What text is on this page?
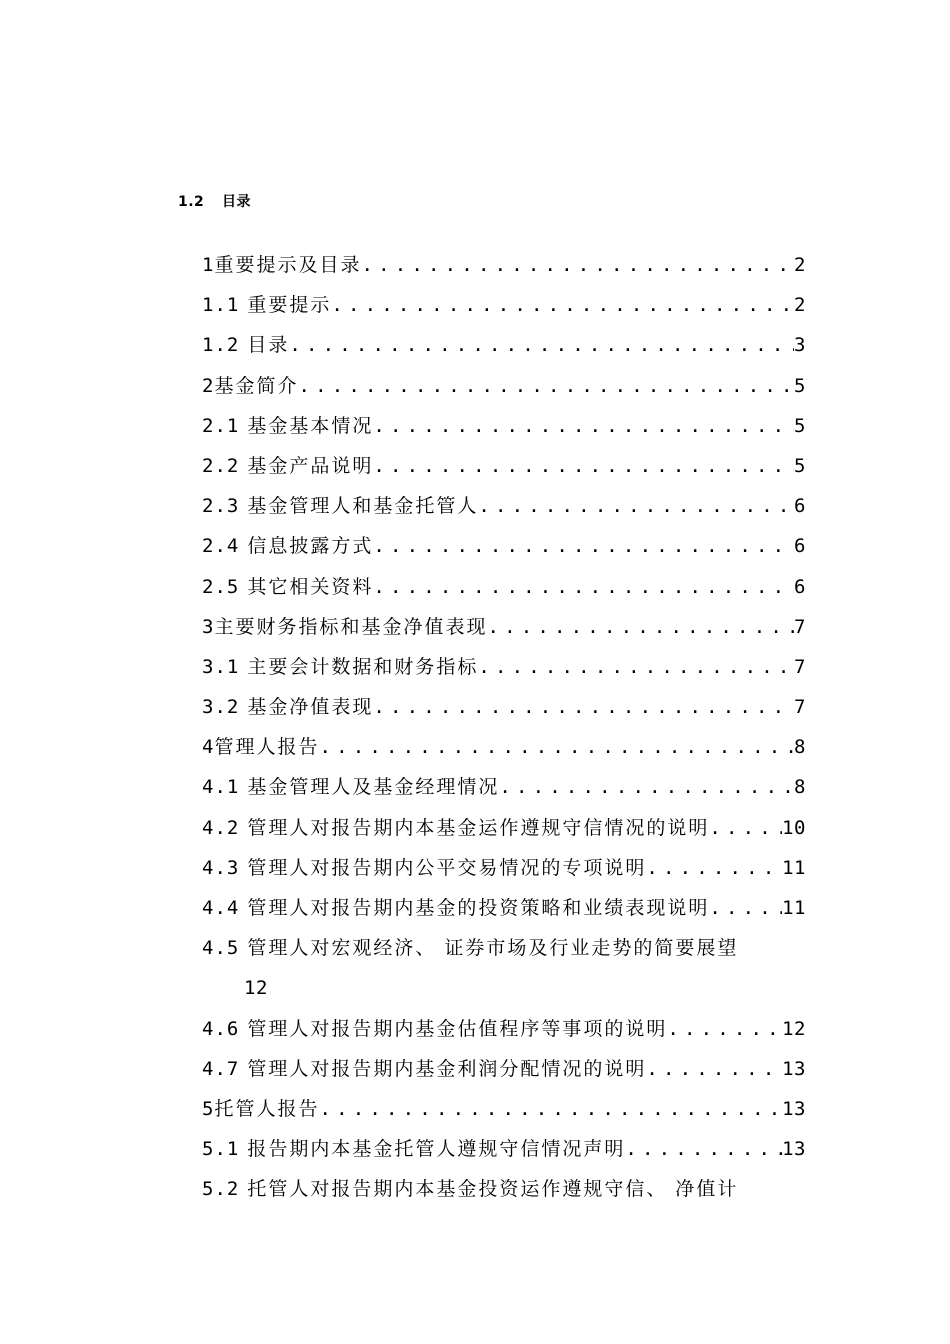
1.2 目录
1 重要提示及目录 .....	2
1.1 重要提示 .....	2
1.2 目录 .....	3
2 基金简介 .....	5
2.1 基金基本情况 .....	5
2.2 基金产品说明 .....	5
2.3 基金管理人和基金托管人 .....	6
2.4 信息披露方式 .....	6
2.5 其它相关资料 .....	6
3 主要财务指标和基金净值表现 .....	7
3.1 主要会计数据和财务指标 .....	7
3.2 基金净值表现 .....	7
4 管理人报告 .....	8
4.1 基金管理人及基金经理情况 .....	8
4.2 管理人对报告期内本基金运作遵规守信情况的说明 .....	10
4.3 管理人对报告期内公平交易情况的专项说明 .....	11
4.4 管理人对报告期内基金的投资策略和业绩表现说明 .....	11
4.5 管理人对宏观经济、 证券市场及行业走势的简要展望
12
4.6 管理人对报告期内基金估值程序等事项的说明 .....	12
4.7 管理人对报告期内基金利润分配情况的说明 .....	13
5 托管人报告 .....	13
5.1 报告期内本基金托管人遵规守信情况声明 .....	13
5.2 托管人对报告期内本基金投资运作遵规守信、 净值计
